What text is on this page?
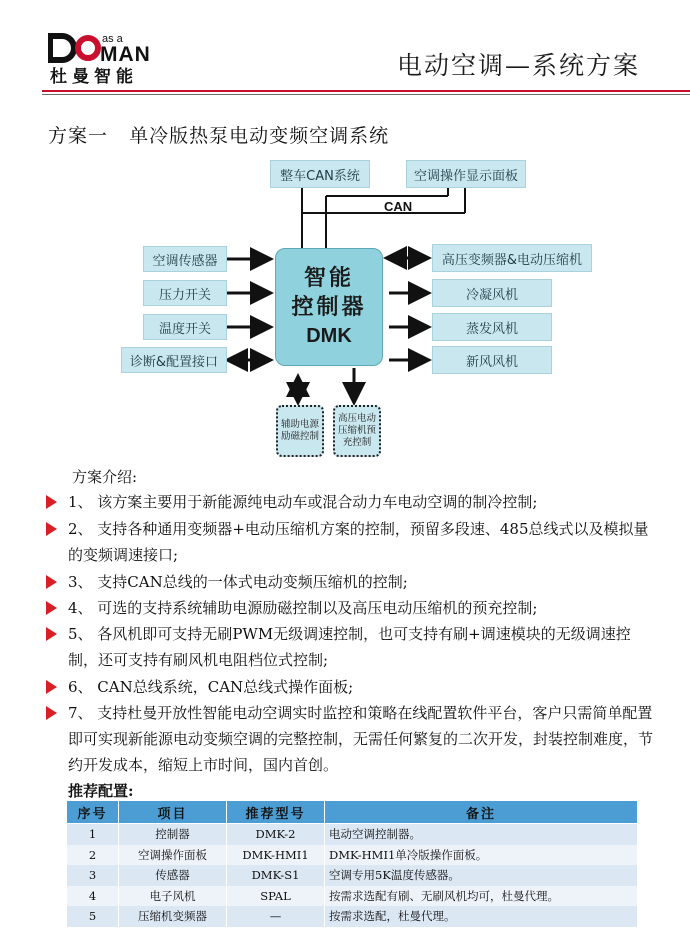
as a
MAN
杜曼智能	电动空调—系统方案
方案一   单冷版热泵电动变频空调系统
整车CAN系统	空调操作显示面板
CAN
空调传感器
压力开关
温度开关
诊断&配置接口
智能
控制器
DMK
高压变频器&电动压缩机
冷凝风机
蒸发风机
新风风机
辅助电源励磁控制
高压电动压缩机预充控制
方案介绍:
1、 该方案主要用于新能源纯电动车或混合动力车电动空调的制冷控制;
2、 支持各种通用变频器+电动压缩机方案的控制，预留多段速、485总线式以及模拟量的变频调速接口;
3、 支持CAN总线的一体式电动变频压缩机的控制;
4、 可选的支持系统辅助电源励磁控制以及高压电动压缩机的预充控制;
5、 各风机即可支持无刷PWM无级调速控制，也可支持有刷+调速模块的无级调速控制，还可支持有刷风机电阻档位式控制;
6、 CAN总线系统，CAN总线式操作面板;
7、 支持杜曼开放性智能电动空调实时监控和策略在线配置软件平台，客户只需简单配置即可实现新能源电动变频空调的完整控制，无需任何繁复的二次开发，封装控制难度，节约开发成本，缩短上市时间，国内首创。
推荐配置:
序号	项目	推荐型号	备注
1	控制器	DMK-2	电动空调控制器。
2	空调操作面板	DMK-HMI1	DMK-HMI1单冷版操作面板。
3	传感器	DMK-S1	空调专用5K温度传感器。
4	电子风机	SPAL	按需求选配有刷、无刷风机均可，杜曼代理。
5	压缩机变频器	—	按需求选配，杜曼代理。
